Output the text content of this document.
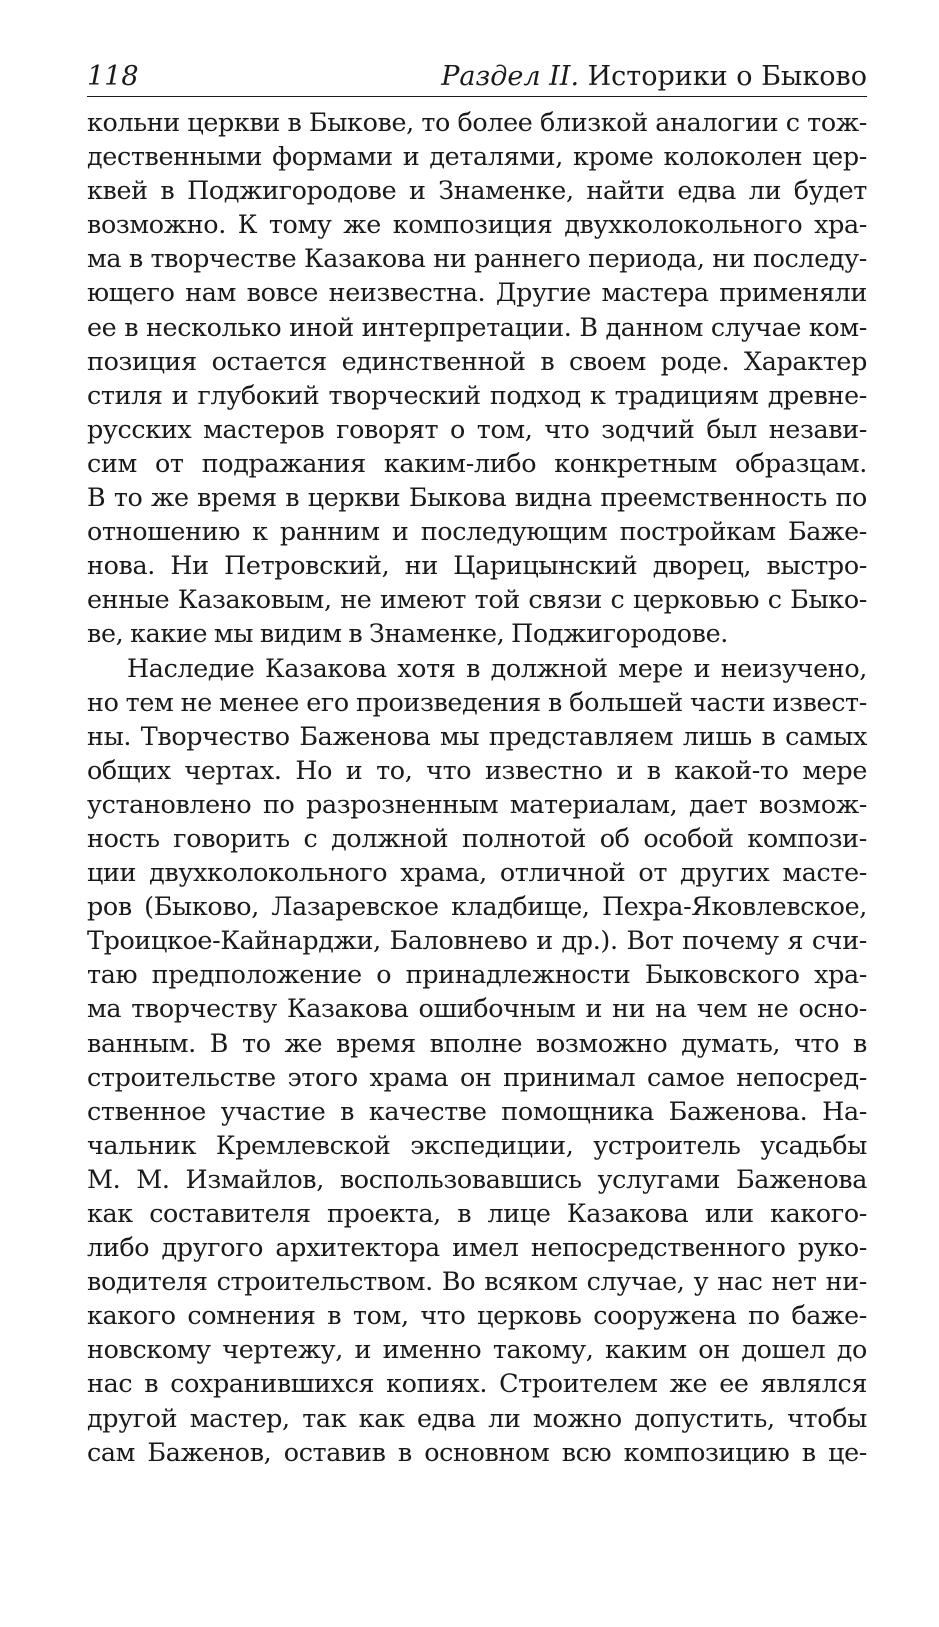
118	Раздел II. Историки о Быково
кольни церкви в Быкове, то более близкой аналогии с тож-
дественными формами и деталями, кроме колоколен цер-
квей в Поджигородове и Знаменке, найти едва ли будет
возможно. К тому же композиция двухколокольного хра-
ма в творчестве Казакова ни раннего периода, ни последу-
ющего нам вовсе неизвестна. Другие мастера применяли
ее в несколько иной интерпретации. В данном случае ком-
позиция остается единственной в своем роде. Характер
стиля и глубокий творческий подход к традициям древне-
русских мастеров говорят о том, что зодчий был незави-
сим от подражания каким-либо конкретным образцам.
В то же время в церкви Быкова видна преемственность по
отношению к ранним и последующим постройкам Баже-
нова. Ни Петровский, ни Царицынский дворец, выстро-
енные Казаковым, не имеют той связи с церковью с Быко-
ве, какие мы видим в Знаменке, Поджигородове.
Наследие Казакова хотя в должной мере и неизучено,
но тем не менее его произведения в большей части извест-
ны. Творчество Баженова мы представляем лишь в самых
общих чертах. Но и то, что известно и в какой-то мере
установлено по разрозненным материалам, дает возмож-
ность говорить с должной полнотой об особой компози-
ции двухколокольного храма, отличной от других масте-
ров (Быково, Лазаревское кладбище, Пехра-Яковлевское,
Троицкое-Кайнарджи, Баловнево и др.). Вот почему я счи-
таю предположение о принадлежности Быковского хра-
ма творчеству Казакова ошибочным и ни на чем не осно-
ванным. В то же время вполне возможно думать, что в
строительстве этого храма он принимал самое непосред-
ственное участие в качестве помощника Баженова. На-
чальник Кремлевской экспедиции, устроитель усадьбы
М. М. Измайлов, воспользовавшись услугами Баженова
как составителя проекта, в лице Казакова или какого-
либо другого архитектора имел непосредственного руко-
водителя строительством. Во всяком случае, у нас нет ни-
какого сомнения в том, что церковь сооружена по баже-
новскому чертежу, и именно такому, каким он дошел до
нас в сохранившихся копиях. Строителем же ее являлся
другой мастер, так как едва ли можно допустить, чтобы
сам Баженов, оставив в основном всю композицию в це-
